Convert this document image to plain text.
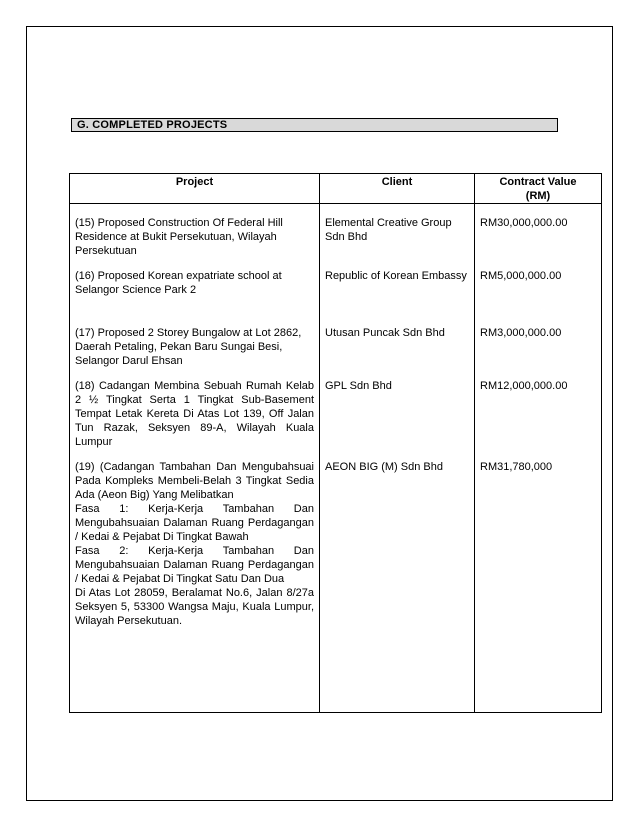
G. COMPLETED PROJECTS
Project	Client	Contract Value
(RM)
(15) Proposed Construction Of Federal Hill Residence at Bukit Persekutuan, Wilayah Persekutuan	Elemental Creative Group Sdn Bhd	RM30,000,000.00
(16) Proposed Korean expatriate school at Selangor Science Park 2	Republic of Korean Embassy	RM5,000,000.00
(17) Proposed 2 Storey Bungalow at Lot 2862, Daerah Petaling, Pekan Baru Sungai Besi, Selangor Darul Ehsan	Utusan Puncak Sdn Bhd	RM3,000,000.00
(18) Cadangan Membina Sebuah Rumah Kelab 2 ½ Tingkat Serta 1 Tingkat Sub-Basement Tempat Letak Kereta Di Atas Lot 139, Off Jalan Tun Razak, Seksyen 89-A, Wilayah Kuala Lumpur	GPL Sdn Bhd	RM12,000,000.00

(19) (Cadangan Tambahan Dan Mengubahsuai Pada Kompleks Membeli-Belah 3 Tingkat Sedia Ada (Aeon Big) Yang Melibatkan
Fasa 1: Kerja-Kerja Tambahan Dan Mengubahsuaian Dalaman Ruang Perdagangan / Kedai & Pejabat Di Tingkat Bawah
Fasa 2: Kerja-Kerja Tambahan Dan Mengubahsuaian Dalaman Ruang Perdagangan / Kedai & Pejabat Di Tingkat Satu Dan Dua
Di Atas Lot 28059, Beralamat No.6, Jalan 8/27a Seksyen 5, 53300 Wangsa Maju, Kuala Lumpur, Wilayah Persekutuan.	AEON BIG (M) Sdn Bhd	RM31,780,000
